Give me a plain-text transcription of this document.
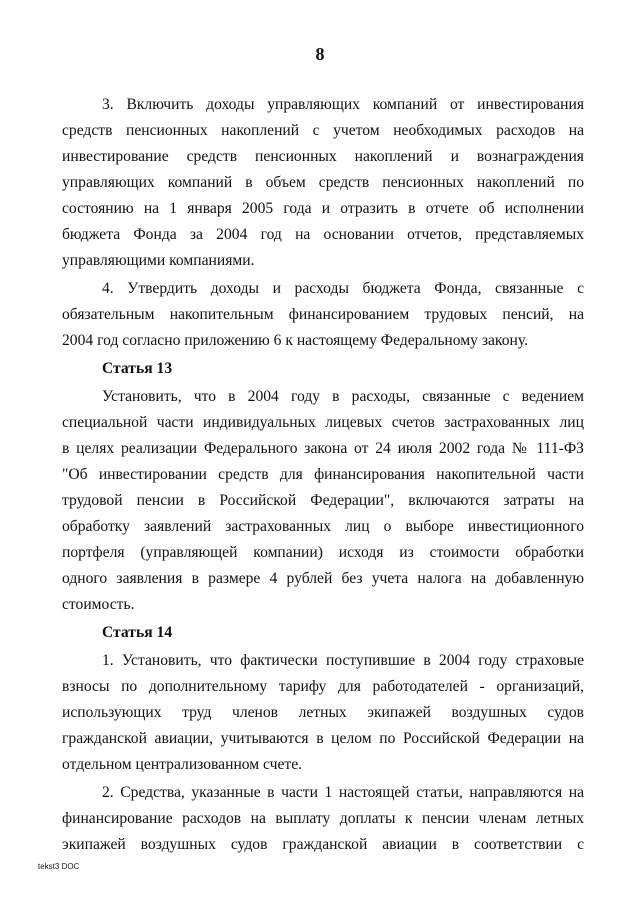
8
3. Включить доходы управляющих компаний от инвестирования
средств пенсионных накоплений с учетом необходимых расходов на
инвестирование средств пенсионных накоплений и вознаграждения
управляющих компаний в объем средств пенсионных накоплений по
состоянию на 1 января 2005 года и отразить в отчете об исполнении
бюджета Фонда за 2004 год на основании отчетов, представляемых
управляющими компаниями.
4. Утвердить доходы и расходы бюджета Фонда, связанные с
обязательным накопительным финансированием трудовых пенсий, на
2004 год согласно приложению 6 к настоящему Федеральному закону.
Статья 13
Установить, что в 2004 году в расходы, связанные с ведением
специальной части индивидуальных лицевых счетов застрахованных лиц
в целях реализации Федерального закона от 24 июля 2002 года № 111-ФЗ
"Об инвестировании средств для финансирования накопительной части
трудовой пенсии в Российской Федерации", включаются затраты на
обработку заявлений застрахованных лиц о выборе инвестиционного
портфеля (управляющей компании) исходя из стоимости обработки
одного заявления в размере 4 рублей без учета налога на добавленную
стоимость.
Статья 14
1. Установить, что фактически поступившие в 2004 году страховые
взносы по дополнительному тарифу для работодателей - организаций,
использующих труд членов летных экипажей воздушных судов
гражданской авиации, учитываются в целом по Российской Федерации на
отдельном централизованном счете.
2. Средства, указанные в части 1 настоящей статьи, направляются на
финансирование расходов на выплату доплаты к пенсии членам летных
экипажей воздушных судов гражданской авиации в соответствии с
tekst3 DOC
